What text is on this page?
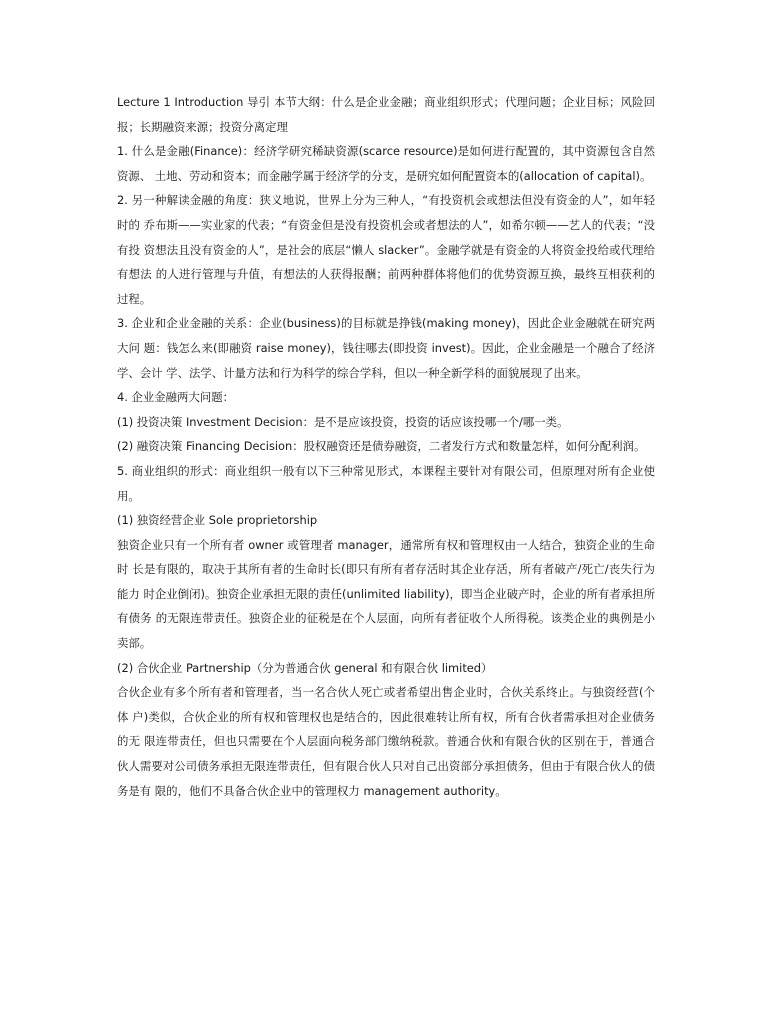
Lecture 1 Introduction 导引 本节大纲：什么是企业金融；商业组织形式；代理问题；企业目标；风险回报；长期融资来源；投资分离定理

1. 什么是金融(Finance)：经济学研究稀缺资源(scarce resource)是如何进行配置的，其中资源包含自然资源、 土地、劳动和资本；而金融学属于经济学的分支，是研究如何配置资本的(allocation of capital)。

2. 另一种解读金融的角度：狭义地说，世界上分为三种人，“有投资机会或想法但没有资金的人”，如年轻时的 乔布斯——实业家的代表；“有资金但是没有投资机会或者想法的人”，如希尔顿——艺人的代表；“没有投 资想法且没有资金的人”，是社会的底层“懒人 slacker”。金融学就是有资金的人将资金投给或代理给有想法 的人进行管理与升值，有想法的人获得报酬；前两种群体将他们的优势资源互换，最终互相获利的过程。

3. 企业和企业金融的关系：企业(business)的目标就是挣钱(making money)，因此企业金融就在研究两大问 题：钱怎么来(即融资 raise money)，钱往哪去(即投资 invest)。因此，企业金融是一个融合了经济学、会计 学、法学、计量方法和行为科学的综合学科，但以一种全新学科的面貌展现了出来。

4. 企业金融两大问题：

(1) 投资决策 Investment Decision：是不是应该投资，投资的话应该投哪一个/哪一类。

(2) 融资决策 Financing Decision：股权融资还是债券融资，二者发行方式和数量怎样，如何分配利润。

5. 商业组织的形式：商业组织一般有以下三种常见形式，本课程主要针对有限公司，但原理对所有企业使用。

(1) 独资经营企业 Sole proprietorship

独资企业只有一个所有者 owner 或管理者 manager，通常所有权和管理权由一人结合，独资企业的生命时 长是有限的，取决于其所有者的生命时长(即只有所有者存活时其企业存活，所有者破产/死亡/丧失行为能力 时企业倒闭)。独资企业承担无限的责任(unlimited liability)，即当企业破产时，企业的所有者承担所有债务 的无限连带责任。独资企业的征税是在个人层面，向所有者征收个人所得税。该类企业的典例是小卖部。

(2) 合伙企业 Partnership（分为普通合伙 general 和有限合伙 limited）

合伙企业有多个所有者和管理者，当一名合伙人死亡或者希望出售企业时，合伙关系终止。与独资经营(个体 户)类似，合伙企业的所有权和管理权也是结合的，因此很难转让所有权，所有合伙者需承担对企业债务的无 限连带责任，但也只需要在个人层面向税务部门缴纳税款。普通合伙和有限合伙的区别在于，普通合伙人需要对公司债务承担无限连带责任，但有限合伙人只对自己出资部分承担债务，但由于有限合伙人的债务是有 限的，他们不具备合伙企业中的管理权力 management authority。
